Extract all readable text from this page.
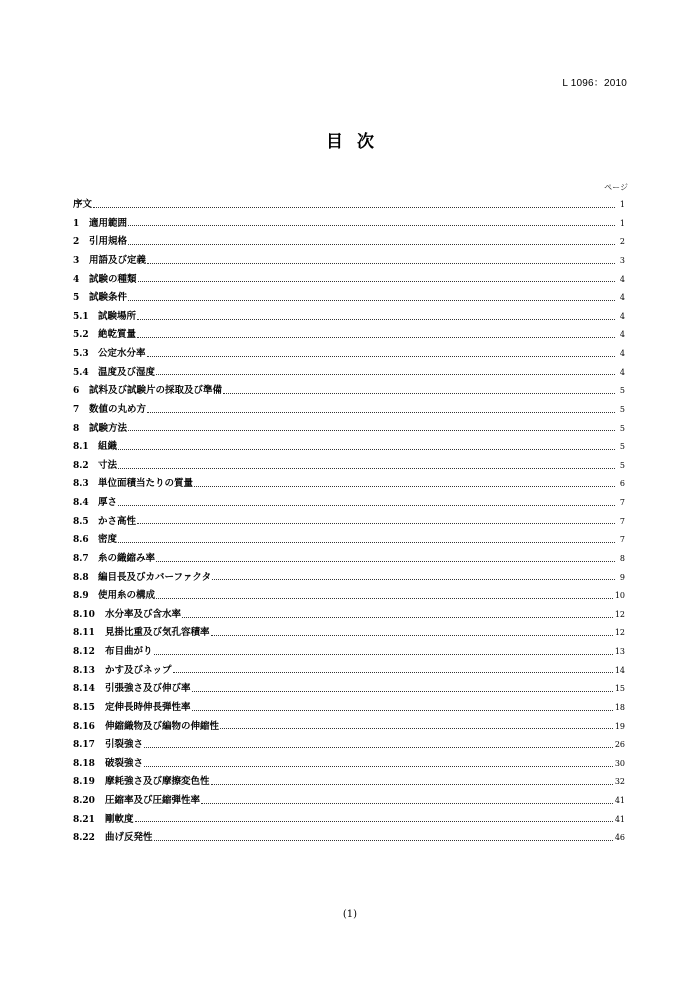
L 1096：2010
目次
ページ
序文	1
1	適用範囲	1
2	引用規格	2
3	用語及び定義	3
4	試験の種類	4
5	試験条件	4
5.1 試験場所	4
5.2 絶乾質量	4
5.3 公定水分率	4
5.4 温度及び湿度	4
6	試料及び試験片の採取及び準備	5
7	数値の丸め方	5
8	試験方法	5
8.1 組織	5
8.2 寸法	5
8.3 単位面積当たりの質量	6
8.4 厚さ	7
8.5 かさ高性	7
8.6 密度	7
8.7 糸の織縮み率	8
8.8 編目長及びカバーファクタ	9
8.9 使用糸の構成	10
8.10	水分率及び含水率	12
8.11	見掛比重及び気孔容積率	12
8.12	布目曲がり	13
8.13	かす及びネップ	14
8.14	引張強さ及び伸び率	15
8.15	定伸長時伸長弾性率	18
8.16	伸縮織物及び編物の伸縮性	19
8.17	引裂強さ	26
8.18	破裂強さ	30
8.19	摩耗強さ及び摩擦変色性	32
8.20	圧縮率及び圧縮弾性率	41
8.21	剛軟度	41
8.22	曲げ反発性	46
(1)
